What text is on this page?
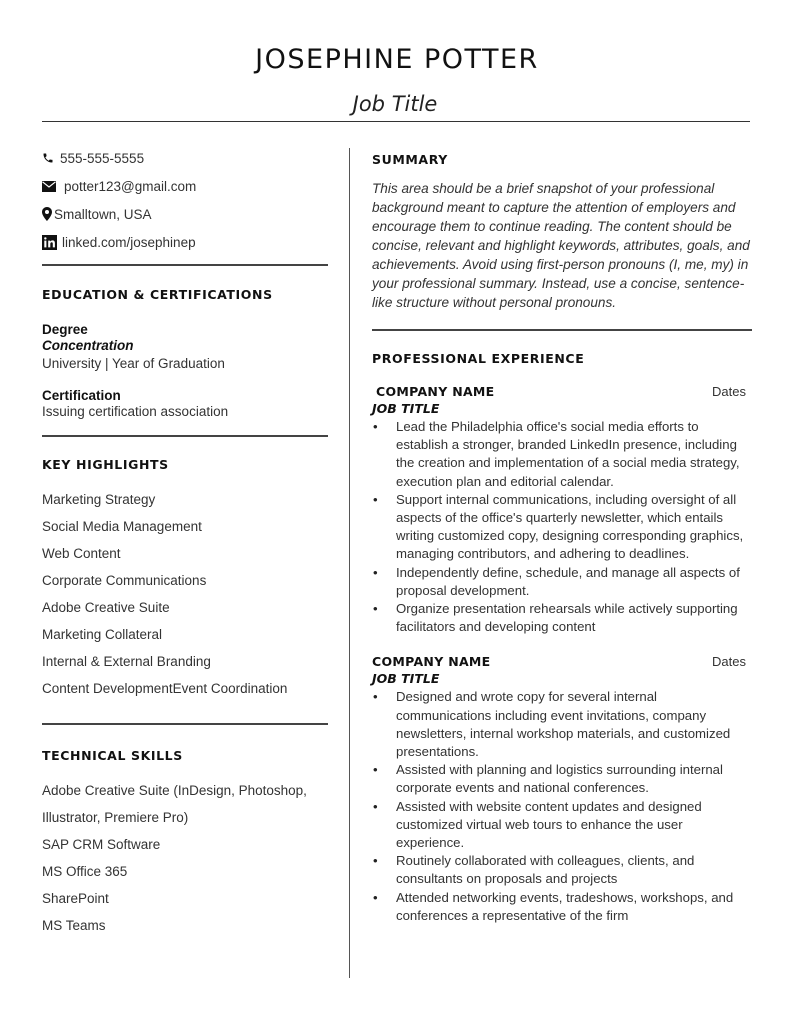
JOSEPHINE POTTER
Job Title
555-555-5555
potter123@gmail.com
Smalltown, USA
linked.com/josephinep
EDUCATION & CERTIFICATIONS
Degree
Concentration
University | Year of Graduation
Certification
Issuing certification association
KEY HIGHLIGHTS
Marketing Strategy
Social Media Management
Web Content
Corporate Communications
Adobe Creative Suite
Marketing Collateral
Internal & External Branding
Content DevelopmentEvent Coordination
TECHNICAL SKILLS
Adobe Creative Suite (InDesign, Photoshop,
Illustrator, Premiere Pro)
SAP CRM Software
MS Office 365
SharePoint
MS Teams
SUMMARY
This area should be a brief snapshot of your professional background meant to capture the attention of employers and encourage them to continue reading. The content should be concise, relevant and highlight keywords, attributes, goals, and achievements. Avoid using first-person pronouns (I, me, my) in your professional summary. Instead, use a concise, sentence-like structure without personal pronouns.
PROFESSIONAL EXPERIENCE
COMPANY NAME	Dates
JOB TITLE
• Lead the Philadelphia office's social media efforts to establish a stronger, branded LinkedIn presence, including the creation and implementation of a social media strategy, execution plan and editorial calendar.
• Support internal communications, including oversight of all aspects of the office's quarterly newsletter, which entails writing customized copy, designing corresponding graphics, managing contributors, and adhering to deadlines.
• Independently define, schedule, and manage all aspects of proposal development.
• Organize presentation rehearsals while actively supporting facilitators and developing content
COMPANY NAME	Dates
JOB TITLE
• Designed and wrote copy for several internal communications including event invitations, company newsletters, internal workshop materials, and customized presentations.
• Assisted with planning and logistics surrounding internal corporate events and national conferences.
• Assisted with website content updates and designed customized virtual web tours to enhance the user experience.
• Routinely collaborated with colleagues, clients, and consultants on proposals and projects
• Attended networking events, tradeshows, workshops, and conferences a representative of the firm
